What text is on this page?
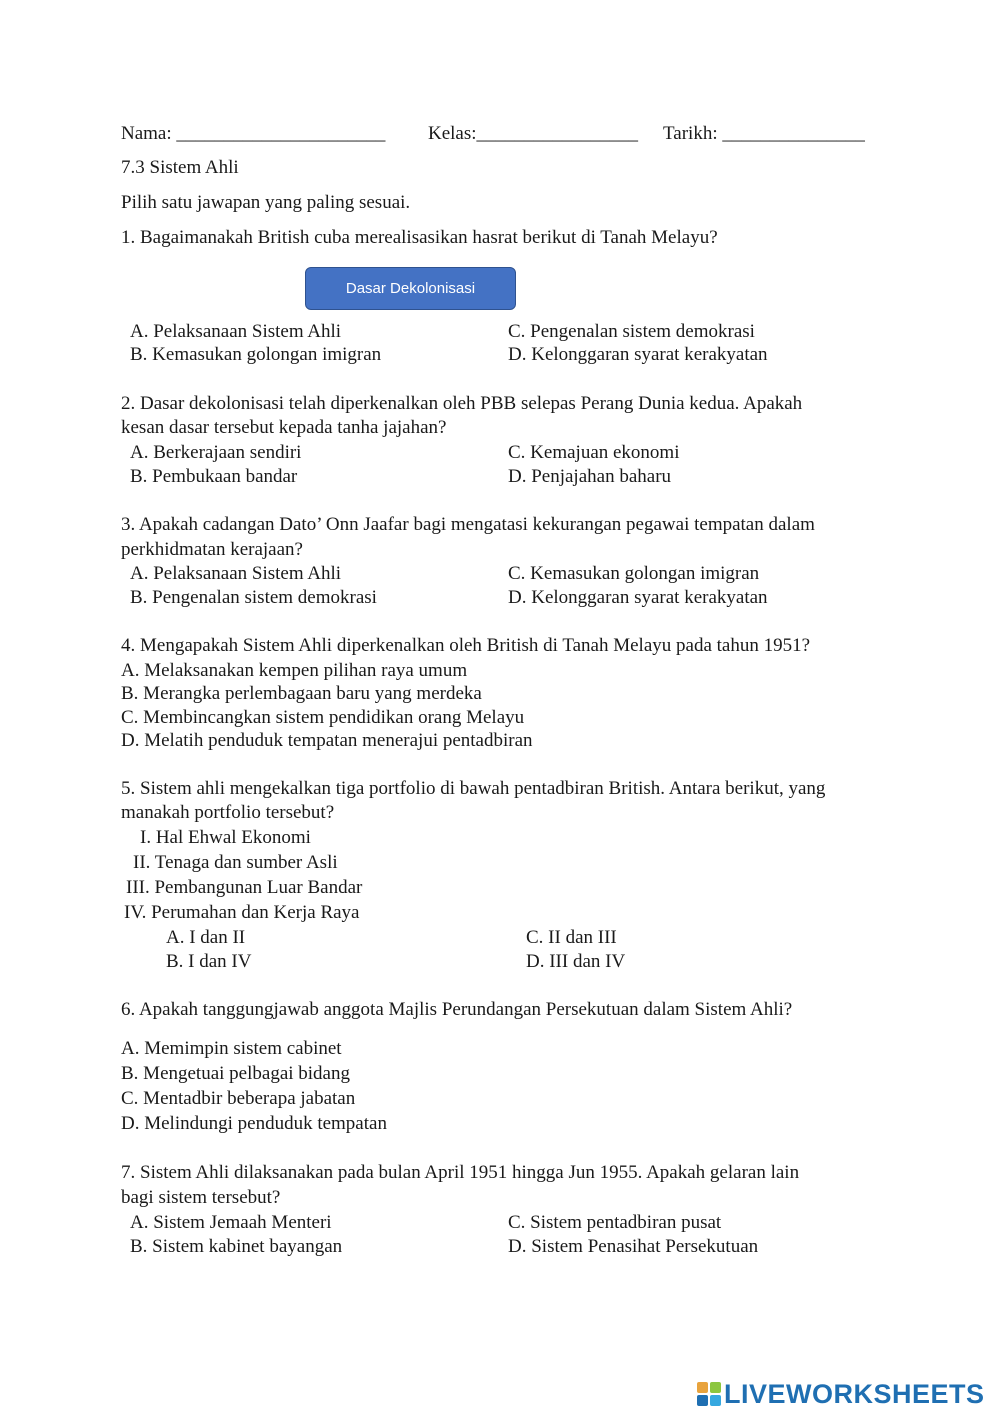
Nama: ______________________ Kelas:_________________ Tarikh: _______________
7.3 Sistem Ahli
Pilih satu jawapan yang paling sesuai.
1. Bagaimanakah British cuba merealisasikan hasrat berikut di Tanah Melayu?
Dasar Dekolonisasi
A. Pelaksanaan Sistem Ahli
B. Kemasukan golongan imigran
C. Pengenalan sistem demokrasi
D. Kelonggaran syarat kerakyatan
2. Dasar dekolonisasi telah diperkenalkan oleh PBB selepas Perang Dunia kedua. Apakah
kesan dasar tersebut kepada tanha jajahan?
A. Berkerajaan sendiri
B. Pembukaan bandar
C. Kemajuan ekonomi
D. Penjajahan baharu
3. Apakah cadangan Dato’ Onn Jaafar bagi mengatasi kekurangan pegawai tempatan dalam
perkhidmatan kerajaan?
A. Pelaksanaan Sistem Ahli
B. Pengenalan sistem demokrasi
C. Kemasukan golongan imigran
D. Kelonggaran syarat kerakyatan
4. Mengapakah Sistem Ahli diperkenalkan oleh British di Tanah Melayu pada tahun 1951?
A. Melaksanakan kempen pilihan raya umum
B. Merangka perlembagaan baru yang merdeka
C. Membincangkan sistem pendidikan orang Melayu
D. Melatih penduduk tempatan menerajui pentadbiran
5. Sistem ahli mengekalkan tiga portfolio di bawah pentadbiran British. Antara berikut, yang
manakah portfolio tersebut?
I. Hal Ehwal Ekonomi
II. Tenaga dan sumber Asli
III. Pembangunan Luar Bandar
IV. Perumahan dan Kerja Raya
A. I dan II
B. I dan IV
C. II dan III
D. III dan IV
6. Apakah tanggungjawab anggota Majlis Perundangan Persekutuan dalam Sistem Ahli?
A. Memimpin sistem cabinet
B. Mengetuai pelbagai bidang
C. Mentadbir beberapa jabatan
D. Melindungi penduduk tempatan
7. Sistem Ahli dilaksanakan pada bulan April 1951 hingga Jun 1955. Apakah gelaran lain
bagi sistem tersebut?
A. Sistem Jemaah Menteri
B. Sistem kabinet bayangan
C. Sistem pentadbiran pusat
D. Sistem Penasihat Persekutuan
LIVEWORKSHEETS
